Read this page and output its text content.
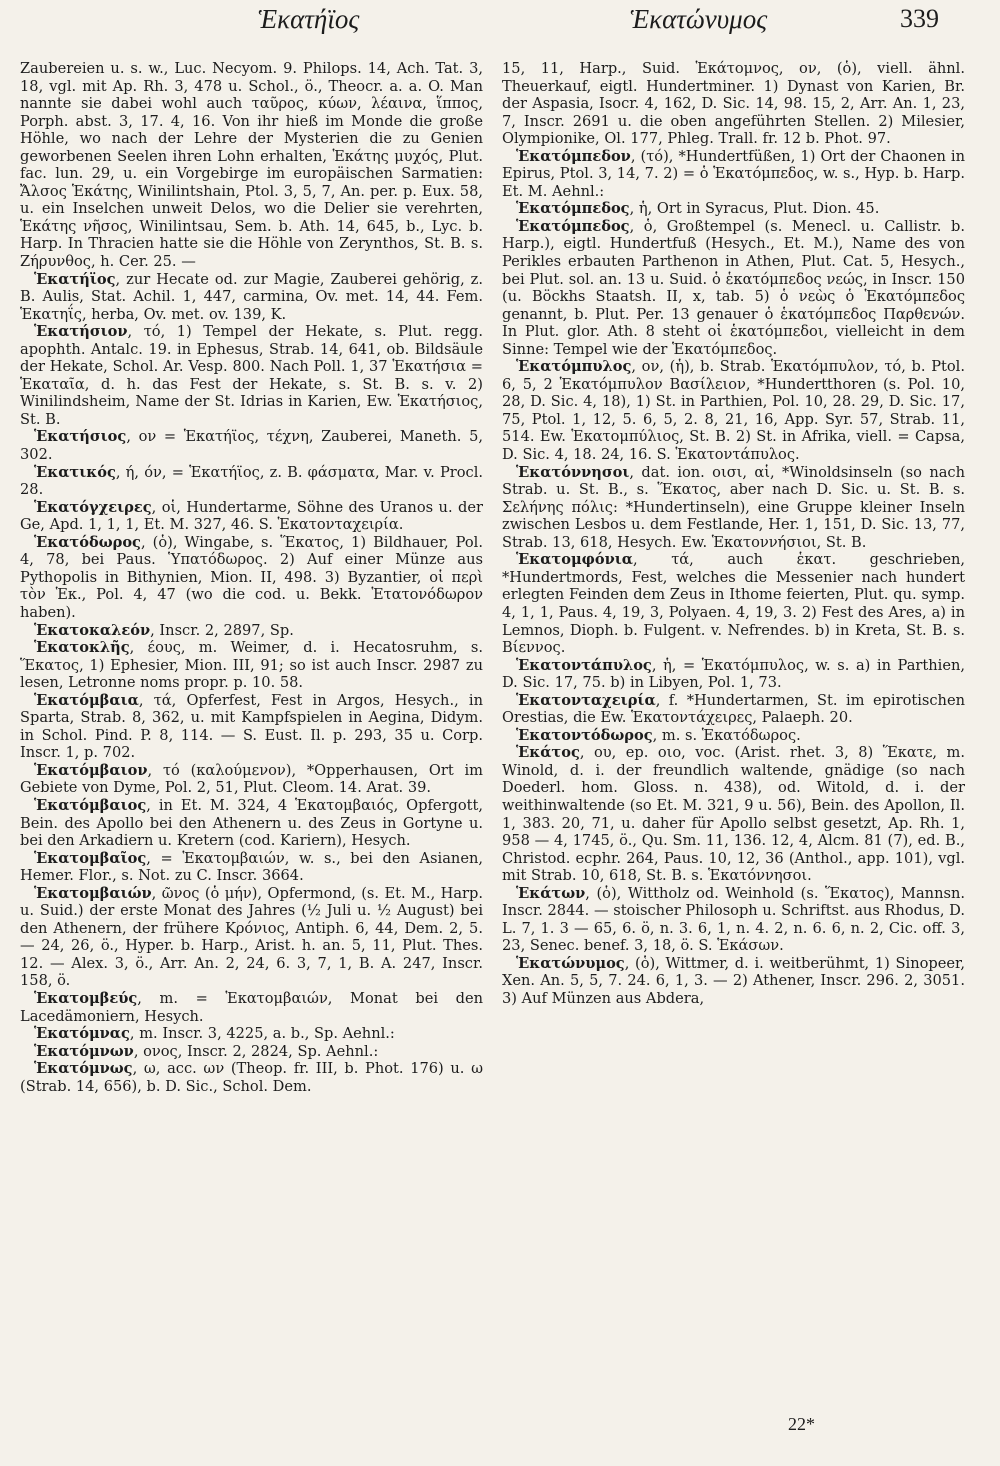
Ἑκατήϊος	Ἑκατώνυμος	339

Zaubereien u. s. w., Luc. Necyom. 9. Philops. 14, Ach. Tat. 3, 18, vgl. mit Ap. Rh. 3, 478 u. Schol., ö., Theocr. a. a. O. Man nannte sie dabei wohl auch ταῦρος, κύων, λέαινα, ἵππος, Porph. abst. 3, 17. 4, 16. Von ihr hieß im Monde die große Höhle, wo nach der Lehre der Mysterien die zu Genien geworbenen Seelen ihren Lohn erhalten, Ἑκάτης μυχός, Plut. fac. lun. 29, u. ein Vorgebirge im europäischen Sarmatien: Ἄλσος Ἑκάτης, Winilintshain, Ptol. 3, 5, 7, An. per. p. Eux. 58, u. ein Inselchen unweit Delos, wo die Delier sie verehrten, Ἑκάτης νῆσος, Winilintsau, Sem. b. Ath. 14, 645, b., Lyc. b. Harp. In Thracien hatte sie die Höhle von Zerynthos, St. B. s. Ζήρυνθος, h. Cer. 25. —

Ἑκατήϊος, zur Hecate od. zur Magie, Zauberei gehörig, z. B. Aulis, Stat. Achil. 1, 447, carmina, Ov. met. 14, 44. Fem. Ἑκατηΐς, herba, Ov. met. ov. 139, K.

Ἑκατήσιον, τό, 1) Tempel der Hekate, s. Plut. regg. apophth. Antalc. 19. in Ephesus, Strab. 14, 641, ob. Bildsäule der Hekate, Schol. Ar. Vesp. 800. Nach Poll. 1, 37 Ἑκατήσια = Ἑκαταῖα, d. h. das Fest der Hekate, s. St. B. s. v. 2) Winilindsheim, Name der St. Idrias in Karien, Ew. Ἑκατήσιος, St. B.

Ἑκατήσιος, ον = Ἑκατήϊος, τέχνη, Zauberei, Maneth. 5, 302.

Ἑκατικός, ή, όν, = Ἑκατήϊος, z. B. φάσματα, Mar. v. Procl. 28.

Ἑκατόγχειρες, οἱ, Hundertarme, Söhne des Uranos u. der Ge, Apd. 1, 1, 1, Et. M. 327, 46. S. Ἑκατονταχειρία.

Ἑκατόδωρος, (ὁ), Wingabe, s. Ἕκατος, 1) Bildhauer, Pol. 4, 78, bei Paus. Ὑπατόδωρος. 2) Auf einer Münze aus Pythopolis in Bithynien, Mion. II, 498. 3) Byzantier, οἱ περὶ τὸν Ἑκ., Pol. 4, 47 (wo die cod. u. Bekk. Ἑτατονόδωρον haben).

Ἑκατοκαλεόν, Inscr. 2, 2897, Sp.

Ἑκατοκλῆς, έους, m. Weimer, d. i. Hecatosruhm, s. Ἕκατος, 1) Ephesier, Mion. III, 91; so ist auch Inscr. 2987 zu lesen, Letronne noms propr. p. 10. 58.

Ἑκατόμβαια, τά, Opferfest, Fest in Argos, Hesych., in Sparta, Strab. 8, 362, u. mit Kampfspielen in Aegina, Didym. in Schol. Pind. P. 8, 114. — S. Eust. Il. p. 293, 35 u. Corp. Inscr. 1, p. 702.

Ἑκατόμβαιον, τό (καλούμενον), *Opperhausen, Ort im Gebiete von Dyme, Pol. 2, 51, Plut. Cleom. 14. Arat. 39.

Ἑκατόμβαιος, in Et. M. 324, 4 Ἑκατομβαιός, Opfergott, Bein. des Apollo bei den Athenern u. des Zeus in Gortyne u. bei den Arkadiern u. Kretern (cod. Kariern), Hesych.

Ἑκατομβαῖος, = Ἑκατομβαιών, w. s., bei den Asianen, Hemer. Flor., s. Not. zu C. Inscr. 3664.

Ἑκατομβαιών, ῶνος (ὁ μήν), Opfermond, (s. Et. M., Harp. u. Suid.) der erste Monat des Jahres (½ Juli u. ½ August) bei den Athenern, der frühere Κρόνιος, Antiph. 6, 44, Dem. 2, 5. — 24, 26, ö., Hyper. b. Harp., Arist. h. an. 5, 11, Plut. Thes. 12. — Alex. 3, ö., Arr. An. 2, 24, 6. 3, 7, 1, B. A. 247, Inscr. 158, ö.

Ἑκατομβεύς, m. = Ἑκατομβαιών, Monat bei den Lacedämoniern, Hesych.

Ἑκατόμνας, m. Inscr. 3, 4225, a. b., Sp. Aehnl.:

Ἑκατόμνων, ονος, Inscr. 2, 2824, Sp. Aehnl.:

Ἑκατόμνως, ω, acc. ων (Theop. fr. III, b. Phot. 176) u. ω (Strab. 14, 656), b. D. Sic., Schol. Dem.

15, 11, Harp., Suid. Ἑκάτομνος, ον, (ὁ), viell. ähnl. Theuerkauf, eigtl. Hundertminer. 1) Dynast von Karien, Br. der Aspasia, Isocr. 4, 162, D. Sic. 14, 98. 15, 2, Arr. An. 1, 23, 7, Inscr. 2691 u. die oben angeführten Stellen. 2) Milesier, Olympionike, Ol. 177, Phleg. Trall. fr. 12 b. Phot. 97.

Ἑκατόμπεδον, (τό), *Hundertfüßen, 1) Ort der Chaonen in Epirus, Ptol. 3, 14, 7. 2) = ὁ Ἑκατόμπεδος, w. s., Hyp. b. Harp. Et. M. Aehnl.:

Ἑκατόμπεδος, ἡ, Ort in Syracus, Plut. Dion. 45.

Ἑκατόμπεδος, ὁ, Großtempel (s. Menecl. u. Callistr. b. Harp.), eigtl. Hundertfuß (Hesych., Et. M.), Name des von Perikles erbauten Parthenon in Athen, Plut. Cat. 5, Hesych., bei Plut. sol. an. 13 u. Suid. ὁ ἑκατόμπεδος νεώς, in Inscr. 150 (u. Böckhs Staatsh. II, x, tab. 5) ὁ νεὼς ὁ Ἑκατόμπεδος genannt, b. Plut. Per. 13 genauer ὁ ἑκατόμπεδος Παρθενών. In Plut. glor. Ath. 8 steht οἱ ἑκατόμπεδοι, vielleicht in dem Sinne: Tempel wie der Ἑκατόμπεδος.

Ἑκατόμπυλος, ον, (ἡ), b. Strab. Ἑκατόμπυλον, τό, b. Ptol. 6, 5, 2 Ἑκατόμπυλον Βασίλειον, *Hundertthoren (s. Pol. 10, 28, D. Sic. 4, 18), 1) St. in Parthien, Pol. 10, 28. 29, D. Sic. 17, 75, Ptol. 1, 12, 5. 6, 5, 2. 8, 21, 16, App. Syr. 57, Strab. 11, 514. Ew. Ἑκατομπύλιος, St. B. 2) St. in Afrika, viell. = Capsa, D. Sic. 4, 18. 24, 16. S. Ἑκατοντάπυλος.

Ἑκατόννησοι, dat. ion. οισι, αἱ, *Winoldsinseln (so nach Strab. u. St. B., s. Ἕκατος, aber nach D. Sic. u. St. B. s. Σελήνης πόλις: *Hundertinseln), eine Gruppe kleiner Inseln zwischen Lesbos u. dem Festlande, Her. 1, 151, D. Sic. 13, 77, Strab. 13, 618, Hesych. Ew. Ἑκατοννήσιοι, St. B.

Ἑκατομφόνια, τά, auch ἑκατ. geschrieben, *Hundertmords, Fest, welches die Messenier nach hundert erlegten Feinden dem Zeus in Ithome feierten, Plut. qu. symp. 4, 1, 1, Paus. 4, 19, 3, Polyaen. 4, 19, 3. 2) Fest des Ares, a) in Lemnos, Dioph. b. Fulgent. v. Nefrendes. b) in Kreta, St. B. s. Βίεννος.

Ἑκατοντάπυλος, ἡ, = Ἑκατόμπυλος, w. s. a) in Parthien, D. Sic. 17, 75. b) in Libyen, Pol. 1, 73.

Ἑκατονταχειρία, f. *Hundertarmen, St. im epirotischen Orestias, die Ew. Ἑκατοντάχειρες, Palaeph. 20.

Ἑκατοντόδωρος, m. s. Ἑκατόδωρος.

Ἑκάτος, ου, ep. οιο, voc. (Arist. rhet. 3, 8) Ἕκατε, m. Winold, d. i. der freundlich waltende, gnädige (so nach Doederl. hom. Gloss. n. 438), od. Witold, d. i. der weithinwaltende (so Et. M. 321, 9 u. 56), Bein. des Apollon, Il. 1, 383. 20, 71, u. daher für Apollo selbst gesetzt, Ap. Rh. 1, 958 — 4, 1745, ö., Qu. Sm. 11, 136. 12, 4, Alcm. 81 (7), ed. B., Christod. ecphr. 264, Paus. 10, 12, 36 (Anthol., app. 101), vgl. mit Strab. 10, 618, St. B. s. Ἑκατόννησοι.

Ἑκάτων, (ὁ), Wittholz od. Weinhold (s. Ἕκατος), Mannsn. Inscr. 2844. — stoischer Philosoph u. Schriftst. aus Rhodus, D. L. 7, 1. 3 — 65, 6. ö, n. 3. 6, 1, n. 4. 2, n. 6. 6, n. 2, Cic. off. 3, 23, Senec. benef. 3, 18, ö. S. Ἑκάσων.

Ἑκατώνυμος, (ὁ), Wittmer, d. i. weitberühmt, 1) Sinopeer, Xen. An. 5, 5, 7. 24. 6, 1, 3. — 2) Athener, Inscr. 296. 2, 3051. 3) Auf Münzen aus Abdera,

22*
